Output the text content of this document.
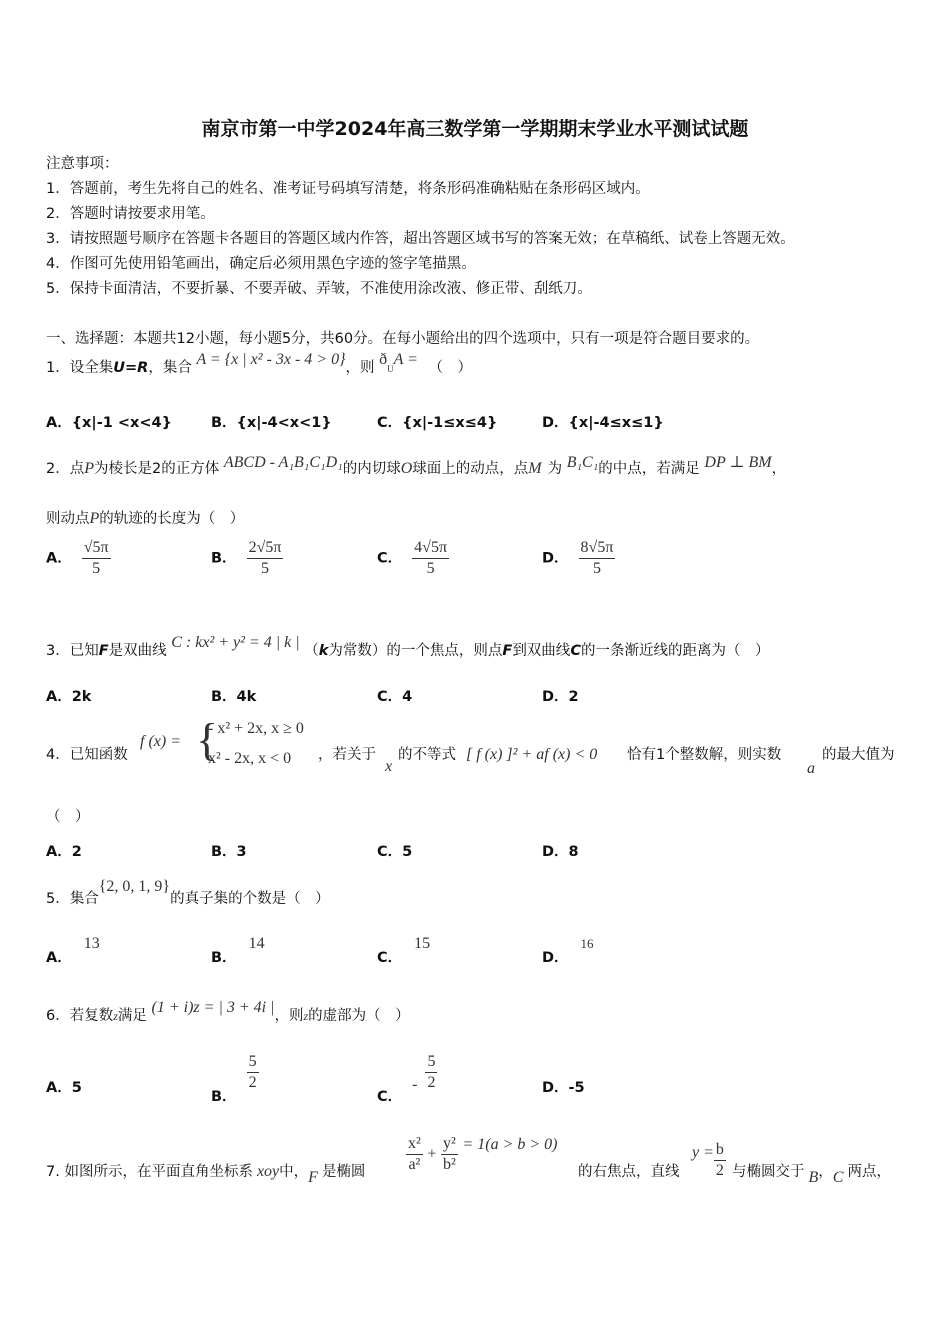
南京市第一中学2024年高三数学第一学期期末学业水平测试试题
注意事项：
1．答题前，考生先将自己的姓名、准考证号码填写清楚，将条形码准确粘贴在条形码区域内。
2．答题时请按要求用笔。
3．请按照题号顺序在答题卡各题目的答题区域内作答，超出答题区域书写的答案无效；在草稿纸、试卷上答题无效。
4．作图可先使用铅笔画出，确定后必须用黑色字迹的签字笔描黑。
5．保持卡面清洁，不要折暴、不要弄破、弄皱，不准使用涂改液、修正带、刮纸刀。
一、选择题：本题共12小题，每小题5分，共60分。在每小题给出的四个选项中，只有一项是符合题目要求的。
1．设全集U=R，集合 A = {x | x² - 3x - 4 > 0}，则 $ð_UA$ = （　）
A．{x|-1 <x<4}	B．{x|-4<x<1}	C．{x|-1≤x≤4}	D．{x|-4≤x≤1}
2．点P为棱长是2的正方体 ABCD - A₁B₁C₁D₁的内切球O球面上的动点，点M 为 B₁C₁的中点，若满足 DP ⊥ BM，
则动点P的轨迹的长度为（　）
A． $\frac{√5\pi}{5}$	B． $\frac{2√5\pi}{5}$	C． $\frac{4√5\pi}{5}$	D． $\frac{8√5\pi}{5}$
3．已知F是双曲线 C : kx² + y² = 4 | k | （k为常数）的一个焦点，则点F到双曲线C的一条渐近线的距离为（　）
A．2k	B．4k	C．4	D．2
4．已知函数
f (x) = {
- x² + 2x, x ≥ 0
x² - 2x, x < 0 ，若关于
x
的不等式 [ f (x) ]² + af (x) < 0 恰有1个整数解，则实数
a
的最大值为
（　）
A．2	B．3	C．5	D．8
5．集合{2, 0, 1, 9}的真子集的个数是（　）
A．13
B．14
C．15
D．16
6．若复数z满足 (1 + i)z = | 3 + 4i |，则z的虚部为（　）
A．5
B．
$\frac{5}{2}$
C．- $\frac{5}{2}$	D．-5
7. 如图所示，在平面直角坐标系 xoy中，F 是椭圆	$\frac{\text{x²}}{\text{a²}} + \frac{\text{y²}}{\text{b²}} = 1(a > b > 0)$
的右焦点，直线
$y = \frac{b}{2}$ 与椭圆交于 B，C 两点，
